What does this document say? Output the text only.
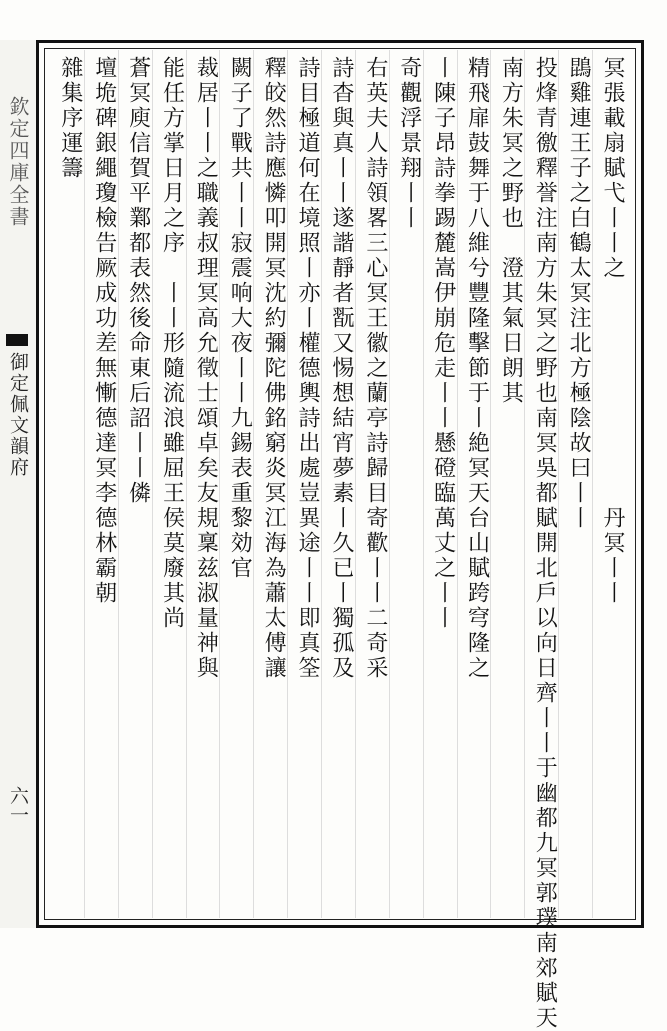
欽定四庫全書
御定佩文韻府
六一
冥張載扇賦弋丨丨之　　　　　　　　　丹冥丨丨
鵾雞連王子之白鶴太冥注北方極陰故曰丨丨
投烽青徼釋誉注南方朱冥之野也南冥吳都賦開北戶以向日齊丨丨于幽都九冥郭璞南郊賦天
南方朱冥之野也　澄其氣日朗其
精飛扉鼓舞于八維兮豐隆擊節于丨絶冥天台山賦跨穹隆之
丨陳子昂詩拳踢麓嵩伊崩危走丨丨懸磴臨萬丈之丨丨
奇觀浮景翔丨丨
右英夫人詩領畧三心冥王徽之蘭亭詩歸目寄歡丨丨二奇采
詩杳與真丨丨遂諧靜者翫又惕想結宵夢素丨久已丨獨孤及
詩目極道何在境照丨亦丨權德輿詩出處豈異途丨丨即真筌
釋皎然詩應憐叩開冥沈約彌陀佛銘窮炎冥江海為蕭太傅讓
闕子了戰共丨丨寂震响大夜丨丨九錫表重黎効官
裁居丨丨之職義叔理冥高允徵士頌卓矣友規稟兹淑量神與
能任方掌日月之序　丨丨形隨流浪雖屈王侯莫廢其尚
蒼冥庾信賀平鄴都表然後命東后詔丨丨僯
壇垝碑銀繩瓊檢告厥成功差無慚德達冥李德林霸朝
雜集序運籌
